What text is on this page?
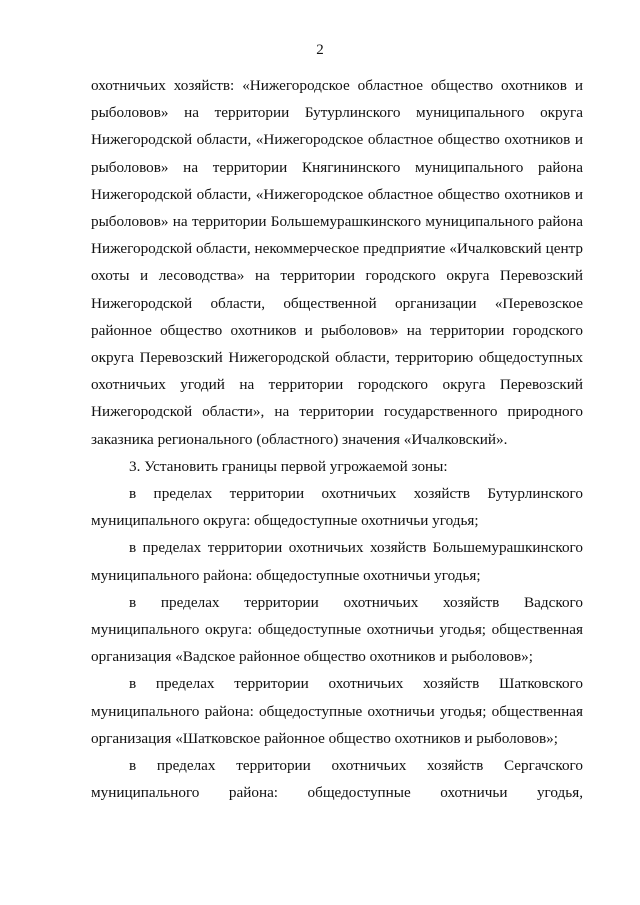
2

охотничьих хозяйств: «Нижегородское областное общество охотников и рыболовов» на территории Бутурлинского муниципального округа Нижегородской области, «Нижегородское областное общество охотников и рыболовов» на территории Княгининского муниципального района Нижегородской области, «Нижегородское областное общество охотников и рыболовов» на территории Большемурашкинского муниципального района Нижегородской области, некоммерческое предприятие «Ичалковский центр охоты и лесоводства» на территории городского округа Перевозский Нижегородской области, общественной организации «Перевозское районное общество охотников и рыболовов» на территории городского округа Перевозский Нижегородской области, территорию общедоступных охотничьих угодий на территории городского округа Перевозский Нижегородской области», на территории государственного природного заказника регионального (областного) значения «Ичалковский».

3. Установить границы первой угрожаемой зоны:

в пределах территории охотничьих хозяйств Бутурлинского муниципального округа: общедоступные охотничьи угодья;

в пределах территории охотничьих хозяйств Большемурашкинского муниципального района: общедоступные охотничьи угодья;

в пределах территории охотничьих хозяйств Вадского муниципального округа: общедоступные охотничьи угодья; общественная организация «Вадское районное общество охотников и рыболовов»;

в пределах территории охотничьих хозяйств Шатковского муниципального района: общедоступные охотничьи угодья; общественная организация «Шатковское районное общество охотников и рыболовов»;

в пределах территории охотничьих хозяйств Сергачского муниципального района: общедоступные охотничьи угодья,
